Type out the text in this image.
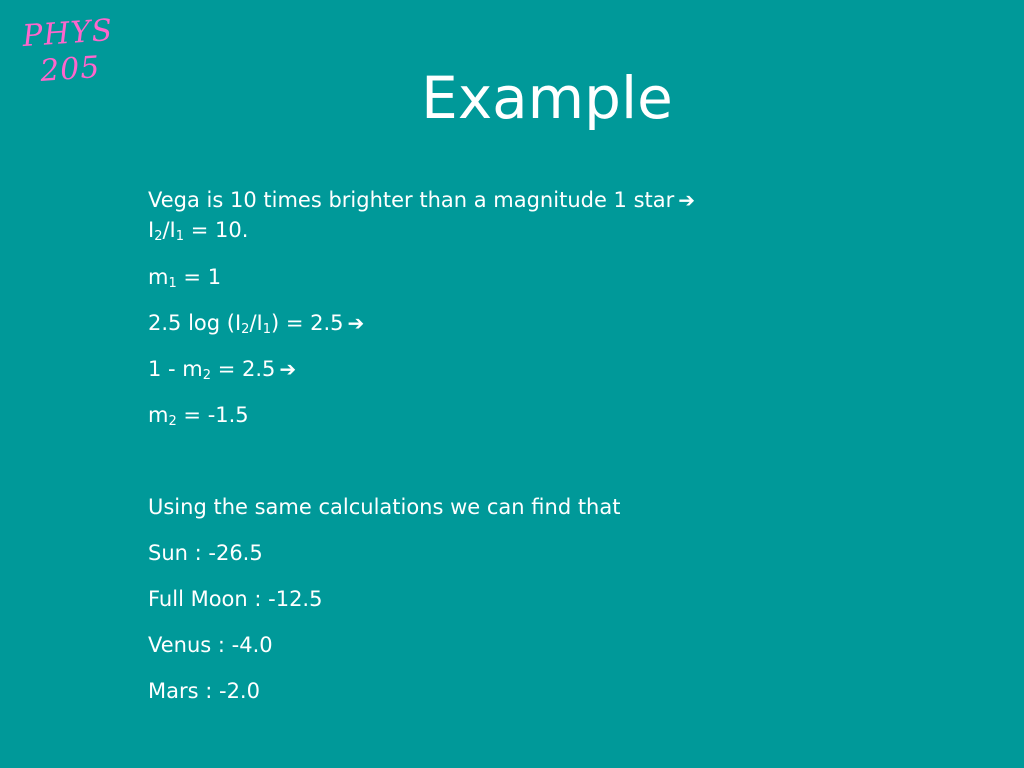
PHYS
205	Example
Vega is 10 times brighter than a magnitude 1 star ➔
$I_2/I_1 = 10$.
$m_1 = 1$
2.5 $\log (I_2/I_1) = 2.5$ ➔
$1 - m_2 = 2.5$ ➔
$m_2 = -1.5$
Using the same calculations we can find that
Sun : -26.5
Full Moon : -12.5
Venus : -4.0
Mars : -2.0
